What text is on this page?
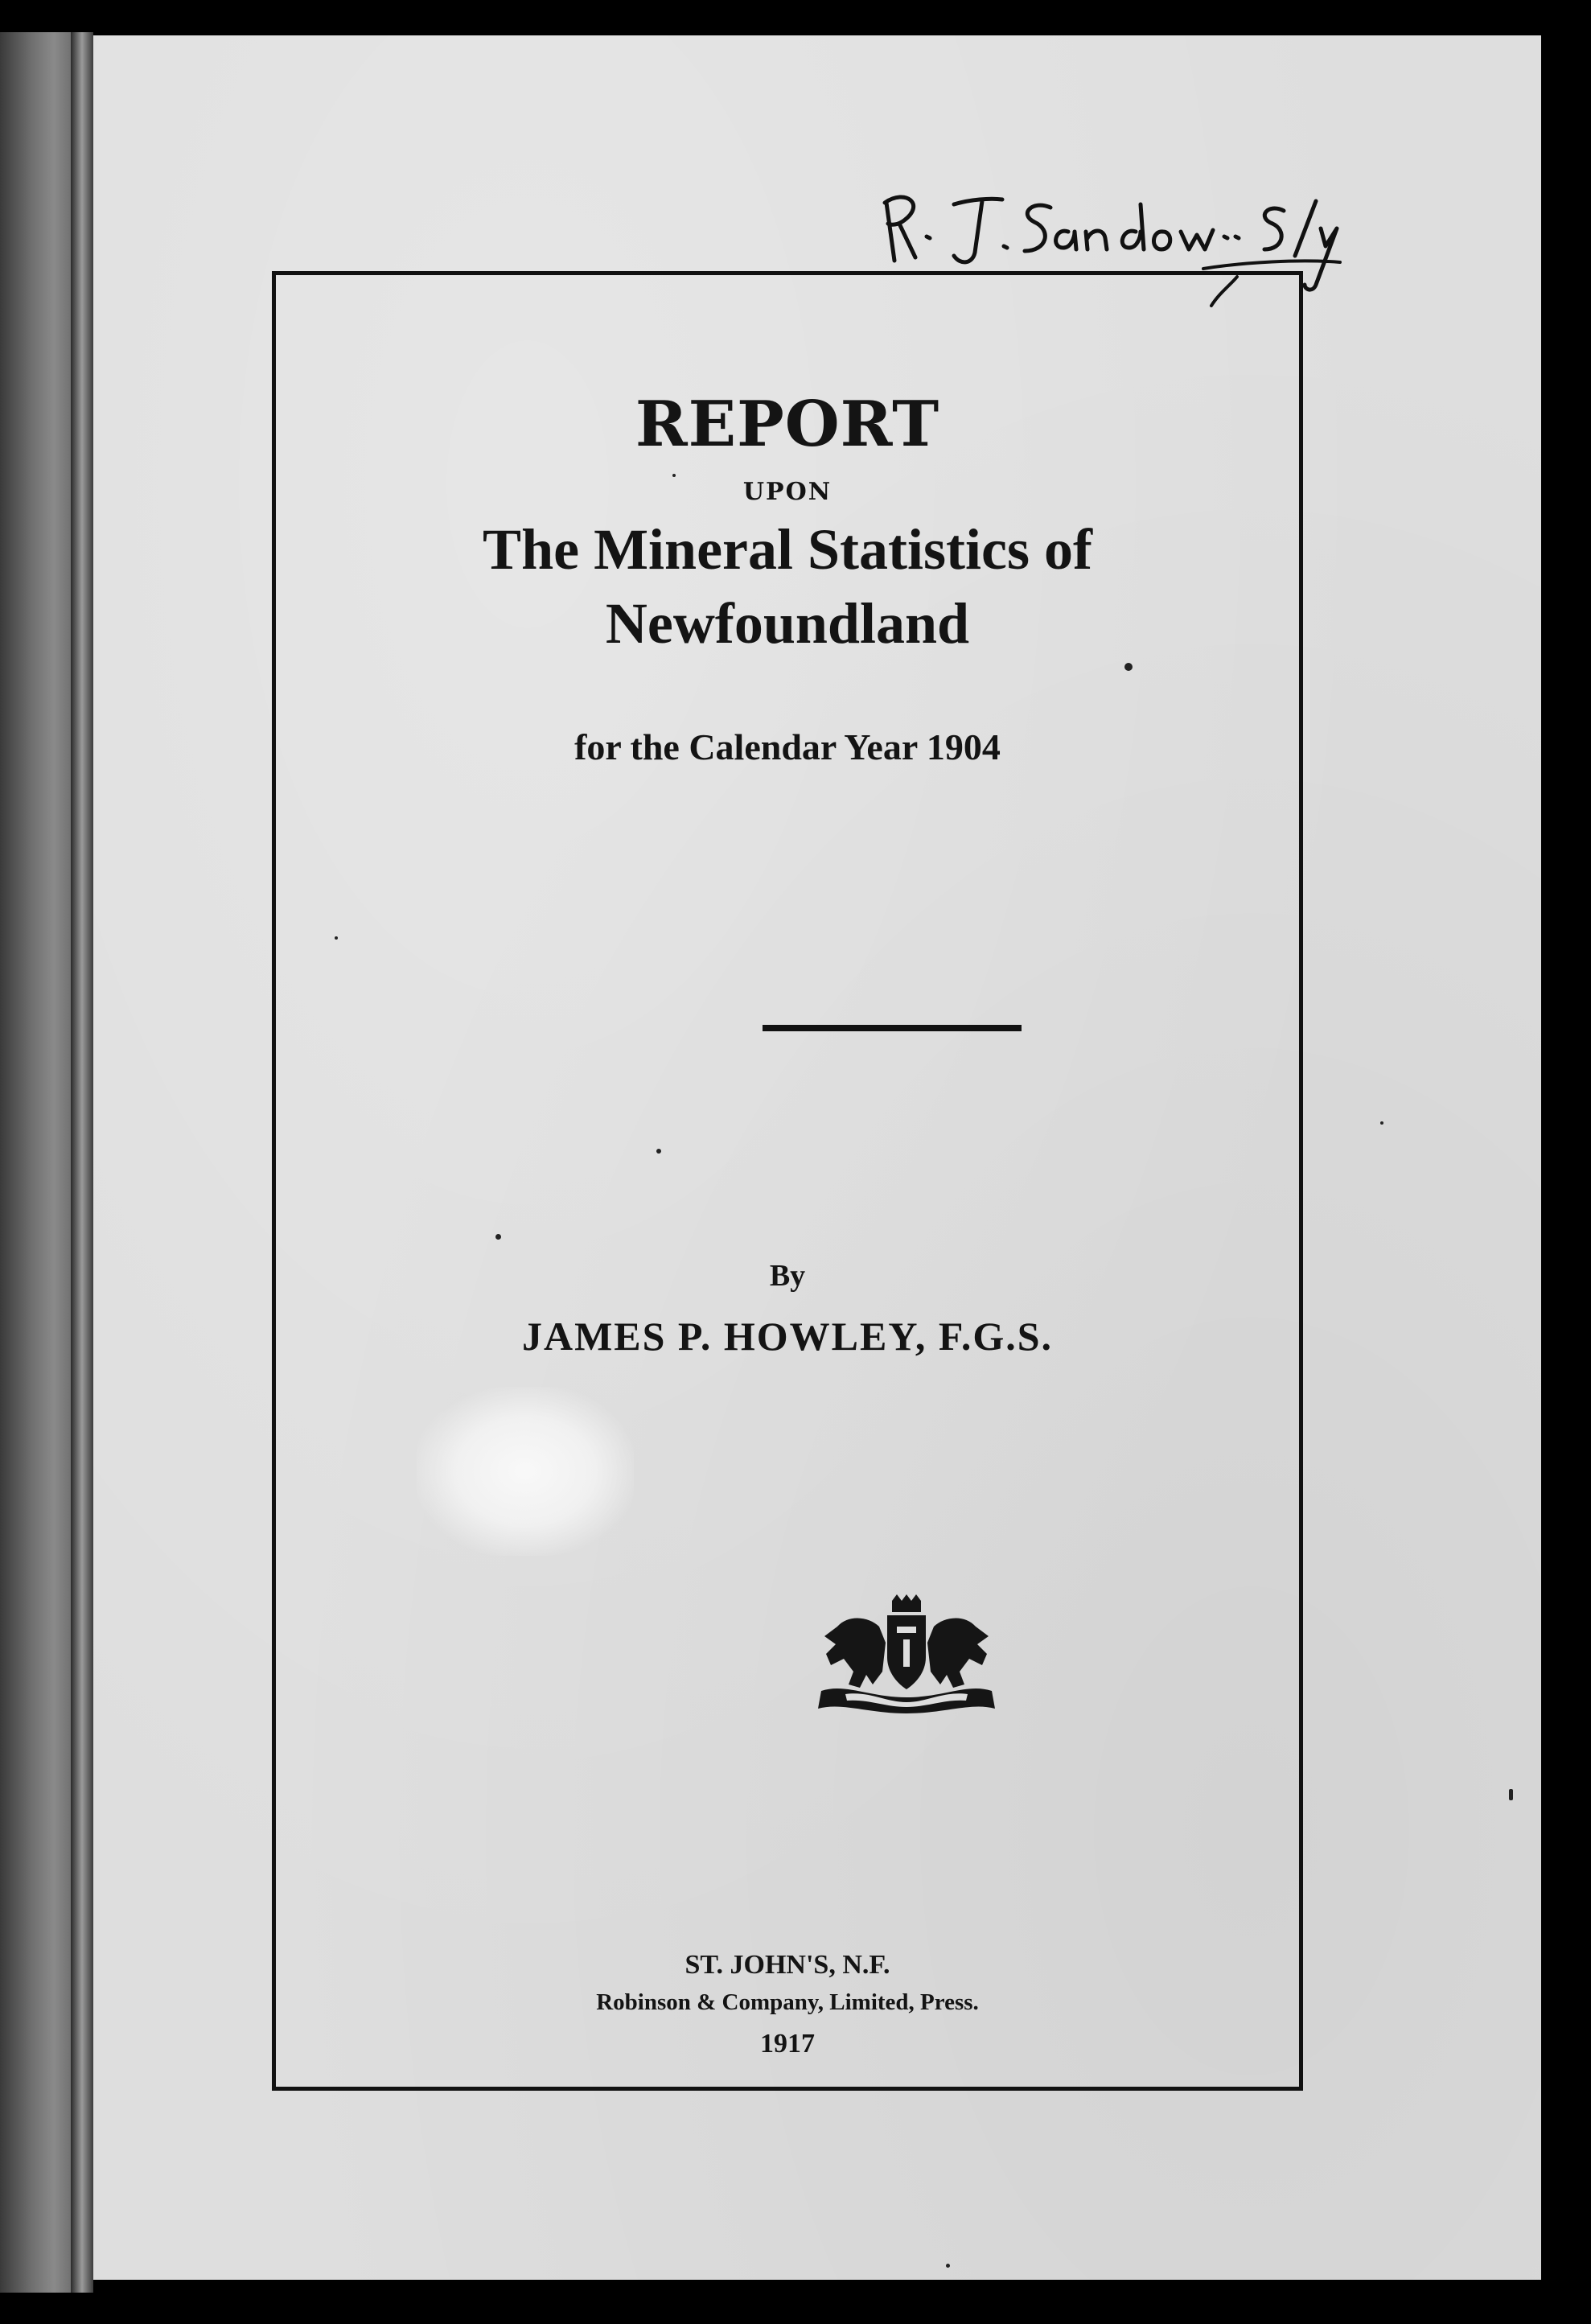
REPORT
UPON
The Mineral Statistics of
Newfoundland
for the Calendar Year 1904
By
JAMES P. HOWLEY, F.G.S.
ST. JOHN'S, N.F.
Robinson & Company, Limited, Press.
1917
